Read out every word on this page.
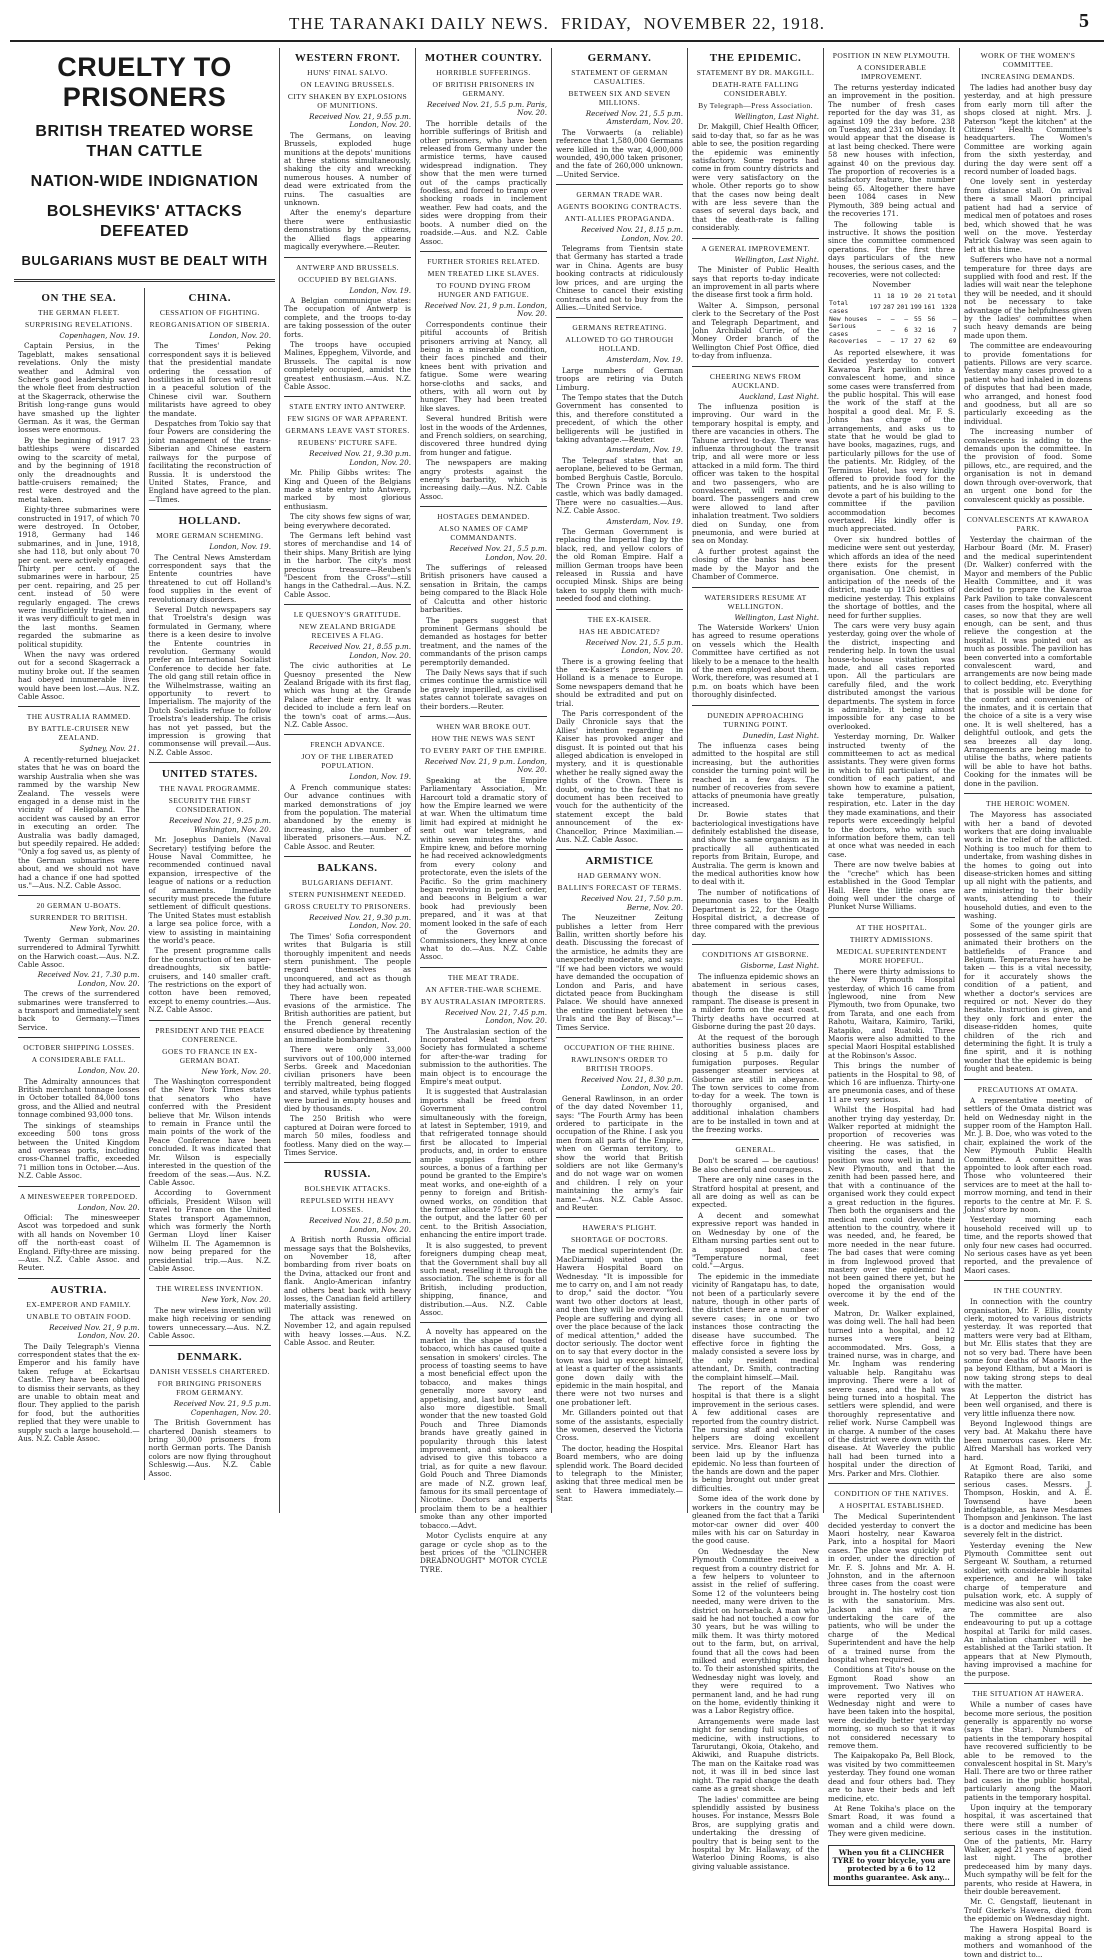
THE TARANAKI DAILY NEWS. FRIDAY, NOVEMBER 22, 1918.	5
CRUELTY TO PRISONERS
BRITISH TREATED WORSE THAN CATTLE
NATION-WIDE INDIGNATION
BOLSHEVIKS' ATTACKS DEFEATED
BULGARIANS MUST BE DEALT WITH
ON THE SEA.
THE GERMAN FLEET.
SURPRISING REVELATIONS.
Copenhagen, Nov. 19.

Captain Persius, in the Tageblatt, makes sensational revelations. Only the misty weather and Admiral von Scheer's good leadership saved the whole fleet from destruction at the Skagerrack, otherwise the British long-range guns would have smashed up the lighter German. As it was, the German losses were enormous.

By the beginning of 1917 23 battleships were discarded owing to the scarcity of metal, and by the beginning of 1918 only the dreadnoughts and battle-cruisers remained; the rest were destroyed and the metal taken.

Eighty-three submarines were constructed in 1917, of which 70 were destroyed. In October, 1918, Germany had 146 submarines, and in June, 1918, she had 118, but only about 70 per cent. were actively engaged. Thirty per cent. of the submarines were in harbour, 25 per cent. repairing, and 25 per cent. instead of 50 were regularly engaged. The crews were insufficiently trained, and it was very difficult to get men in the last months. Seamen regarded the submarine as political stupidity.

When the navy was ordered out for a second Skagerrack a mutiny broke out. If the seamen had obeyed innumerable lives would have been lost.—Aus. N.Z. Cable Assoc.

THE AUSTRALIA RAMMED.
BY BATTLE-CRUISER NEW ZEALAND.
Sydney, Nov. 21.

A recently-returned bluejacket states that he was on board the warship Australia when she was rammed by the warship New Zealand. The vessels were engaged in a dense mist in the vicinity of Heligoland. The accident was caused by an error in executing an order. The Australia was badly damaged, but speedily repaired. He added: "Only a fog saved us, as plenty of the German submarines were about, and we should not have had a chance if one had spotted us."—Aus. N.Z. Cable Assoc.

20 GERMAN U-BOATS.
SURRENDER TO BRITISH.
New York, Nov. 20.

Twenty German submarines surrendered to Admiral Tyrwhitt on the Harwich coast.—Aus. N.Z. Cable Assoc.

Received Nov. 21, 7.30 p.m. London, Nov. 20.

The crews of the surrendered submarines were transferred to a transport and immediately sent back to Germany.—Times Service.

OCTOBER SHIPPING LOSSES.
A CONSIDERABLE FALL.
London, Nov. 20.

The Admiralty announces that British merchant tonnage losses in October totalled 84,000 tons gross, and the Allied and neutral tonnage combined 93,000 tons.

The sinkings of steamships exceeding 500 tons gross between the United Kingdom and overseas ports, including cross-Channel traffic, exceeded 71 million tons in October.—Aus. N.Z. Cable Assoc.

A MINESWEEPER TORPEDOED.
London, Nov. 20.

Official: The minesweeper Ascot was torpedoed and sunk with all hands on November 10 off the north-east coast of England. Fifty-three are missing.—Aus. N.Z. Cable Assoc. and Reuter.

AUSTRIA.
EX-EMPEROR AND FAMILY.
UNABLE TO OBTAIN FOOD.
Received Nov. 21, 9 p.m. London, Nov. 20.

The Daily Telegraph's Vienna correspondent states that the ex-Emperor and his family have taken refuge at Eckartsau Castle. They have been obliged to dismiss their servants, as they are unable to obtain meat and flour. They applied to the parish for food, but the authorities replied that they were unable to supply such a large household.—Aus. N.Z. Cable Assoc.

CHINA.
CESSATION OF FIGHTING.
REORGANISATION OF SIBERIA.
London, Nov. 20.

The Times' Peking correspondent says it is believed that the presidential mandate ordering the cessation of hostilities in all forces will result in a peaceful solution of the Chinese civil war. Southern militarists have agreed to obey the mandate.

Despatches from Tokio say that four Powers are considering the joint management of the trans-Siberian and Chinese eastern railways for the purpose of facilitating the reconstruction of Russia. It is understood the United States, France, and England have agreed to the plan.—Times.

HOLLAND.
MORE GERMAN SCHEMING.
London, Nov. 19.

The Central News Amsterdam correspondent says that the Entente countries have threatened to cut off Holland's food supplies in the event of revolutionary disorders.

Several Dutch newspapers say that Troelstra's design was formulated in Germany, where there is a keen desire to involve the Entente countries in revolution. Germany would prefer an International Socialist Conference to decide her fate. The old gang still retain office in the Wilhelmstrasse, waiting an opportunity to revert to Imperialism. The majority of the Dutch Socialists refuse to follow Troelstra's leadership. The crisis has not yet passed, but the impression is growing that commonsense will prevail.—Aus. N.Z. Cable Assoc.

UNITED STATES.
THE NAVAL PROGRAMME.
SECURITY THE FIRST CONSIDERATION.
Received Nov. 21, 9.25 p.m. Washington, Nov. 20.

Mr. Josephus Daniels (Naval Secretary) testifying before the House Naval Committee, he recommended continued naval expansion, irrespective of the league of nations or a reduction of armaments. Immediate security must precede the future settlement of difficult questions. The United States must establish a large sea police force, with a view to assisting in maintaining the world's peace.

The present programme calls for the construction of ten super-dreadnoughts, six battle-cruisers, and 140 smaller craft. The restrictions on the export of cotton have been removed, except to enemy countries.—Aus. N.Z. Cable Assoc.

PRESIDENT AND THE PEACE CONFERENCE.
GOES TO FRANCE IN EX-GERMAN BOAT.
New York, Nov. 20.

The Washington correspondent of the New York Times states that senators who have conferred with the President believe that Mr. Wilson intends to remain in France until the main points of the work of the Peace Conference have been concluded. It was indicated that Mr. Wilson is especially interested in the question of the freedom of the seas.—Aus. N.Z. Cable Assoc.

According to Government officials, President Wilson will travel to France on the United States transport Agamemnon, which was formerly the North German Lloyd liner Kaiser Wilhelm II. The Agamemnon is now being prepared for the presidential trip.—Aus. N.Z. Cable Assoc.

THE WIRELESS INVENTION.
New York, Nov. 20.

The new wireless invention will make high receiving or sending towers unnecessary.—Aus. N.Z. Cable Assoc.

DENMARK.
DANISH VESSELS CHARTERED.
FOR BRINGING PRISONERS FROM GERMANY.
Received Nov. 21, 9.5 p.m. Copenhagen, Nov. 20.

The British Government has chartered Danish steamers to bring 30,000 prisoners from north German ports. The Danish colors are now flying throughout Schleswig.—Aus. N.Z. Cable Assoc.

WESTERN FRONT.
HUNS' FINAL SALVO.
ON LEAVING BRUSSELS.
CITY SHAKEN BY EXPLOSIONS OF MUNITIONS.
Received Nov. 21, 9.55 p.m. London, Nov. 20.

The Germans, on leaving Brussels, exploded huge munitions at the depots' munitions at three stations simultaneously, shaking the city and wrecking numerous houses. A number of dead were extricated from the ruins. The casualties are unknown.

After the enemy's departure there were enthusiastic demonstrations by the citizens, the Allied flags appearing magically everywhere.—Reuter.

ANTWERP AND BRUSSELS.
OCCUPIED BY BELGIANS.
London, Nov. 19.

A Belgian communique states: The occupation of Antwerp is complete, and the troops to-day are taking possession of the outer forts.

The troops have occupied Malines, Eppeghem, Vilvorde, and Brussels. The capital is now completely occupied, amidst the greatest enthusiasm.—Aus. N.Z. Cable Assoc.

STATE ENTRY INTO ANTWERP.
FEW SIGNS OF WAR APPARENT.
GERMANS LEAVE VAST STORES.
REUBENS' PICTURE SAFE.
Received Nov. 21, 9.30 p.m. London, Nov. 20.

Mr. Philip Gibbs writes: The King and Queen of the Belgians made a state entry into Antwerp, marked by most glorious enthusiasm.

The city shows few signs of war, being everywhere decorated.

The Germans left behind vast stores of merchandise and 14 of their ships. Many British are lying in the harbor. The city's most precious treasure—Reuben's "Descent from the Cross"—still hangs in the Cathedral.—Aus. N.Z. Cable Assoc.

LE QUESNOY'S GRATITUDE.
NEW ZEALAND BRIGADE RECEIVES A FLAG.
Received Nov. 21, 8.55 p.m. London, Nov. 20.

The civic authorities at Le Quesnoy presented the New Zealand Brigade with its first flag, which was hung at the Grande Palace after their entry. It was decided to include a fern leaf on the town's coat of arms.—Aus. N.Z. Cable Assoc.

FRENCH ADVANCE.
JOY OF THE LIBERATED POPULATION.
London, Nov. 19.

A French communique states: Our advance continues with marked demonstrations of joy from the population. The material abandoned by the enemy is increasing, also the number of liberated prisoners.—Aus. N.Z. Cable Assoc. and Reuter.

BALKANS.
BULGARIANS DEFIANT.
STERN PUNISHMENT NEEDED.
GROSS CRUELTY TO PRISONERS.
Received Nov. 21, 9.30 p.m. London, Nov. 20.

The Times' Sofia correspondent writes that Bulgaria is still thoroughly impenitent and needs stern punishment. The people regard themselves as unconquered, and act as though they had actually won.

There have been repeated evasions of the armistice. The British authorities are patient, but the French general recently ensured obedience by threatening an immediate bombardment.

There were only 33,000 survivors out of 100,000 interned Serbs. Greek and Macedonian civilian prisoners have been terribly maltreated, being flogged and starved, while typhus patients were buried in empty houses and died by thousands.

The 250 British who were captured at Doiran were forced to march 50 miles, foodless and footless. Many died on the way.—Times Service.

RUSSIA.
BOLSHEVIK ATTACKS.
REPULSED WITH HEAVY LOSSES.
Received Nov. 21, 8.50 p.m. London, Nov. 20.

A British north Russia official message says that the Bolsheviks, on November 18, after bombarding from river boats on the Dvina, attacked our front and flank. Anglo-American infantry and others beat back with heavy losses, the Canadian field artillery materially assisting.

The attack was renewed on November 12, and again repulsed with heavy losses.—Aus. N.Z. Cable Assoc. and Reuter.

MOTHER COUNTRY.
HORRIBLE SUFFERINGS.
OF BRITISH PRISONERS IN GERMANY.
Received Nov. 21, 5.5 p.m. Paris, Nov. 20.

The horrible details of the horrible sufferings of British and other prisoners, who have been released from Germany under the armistice terms, have caused widespread indignation. They show that the men were turned out of the camps practically foodless, and forced to tramp over shocking roads in inclement weather. Few had coats, and the sides were dropping from their boots. A number died on the roadside.—Aus. and N.Z. Cable Assoc.

FURTHER STORIES RELATED.
MEN TREATED LIKE SLAVES.
TO FOUND DYING FROM HUNGER AND FATIGUE.
Received Nov. 21, 9 p.m. London, Nov. 20.

Correspondents continue their pitiful accounts of British prisoners arriving at Nancy, all being in a miserable condition, their faces pinched and their knees bent with privation and fatigue. Some were wearing horse-cloths and sacks, and others, with all worn out by hunger. They had been treated like slaves.

Several hundred British were lost in the woods of the Ardennes, and French soldiers, on searching, discovered three hundred dying from hunger and fatigue.

The newspapers are making angry protests against the enemy's barbarity, which is increasing daily.—Aus. N.Z. Cable Assoc.

HOSTAGES DEMANDED.
ALSO NAMES OF CAMP COMMANDANTS.
Received Nov. 21, 5.5 p.m. London, Nov. 20.

The sufferings of released British prisoners have caused a sensation in Britain, the camps being compared to the Black Hole of Calcutta and other historic barbarities.

The papers suggest that prominent Germans should be demanded as hostages for better treatment, and the names of the commandants of the prison camps peremptorily demanded.

The Daily News says that if such crimes continue the armistice will be gravely imperilled, as civilised states cannot tolerate savages on their borders.—Reuter.

WHEN WAR BROKE OUT.
HOW THE NEWS WAS SENT
TO EVERY PART OF THE EMPIRE.
Received Nov. 21, 9 p.m. London, Nov. 20.

Speaking at the Empire Parliamentary Association, Mr. Harcourt told a dramatic story of how the Empire learned we were at war. When the ultimatum time limit had expired at midnight he sent out war telegrams, and within seven minutes the whole Empire knew, and before morning he had received acknowledgments from every colony and protectorate, even the islets of the Pacific. So the grim machinery began revolving in perfect order, and beacons in Belgium a war book had previously been prepared, and it was at that moment looked in the safe of each of the Governors and Commissioners, they knew at once what to do.—Aus. N.Z. Cable Assoc.

THE MEAT TRADE.
AN AFTER-THE-WAR SCHEME.
BY AUSTRALASIAN IMPORTERS.
Received Nov. 21, 7.45 p.m. London, Nov. 20.

The Australasian section of the Incorporated Meat Importers' Society has formulated a scheme for after-the-war trading for submission to the authorities. The main object is to encourage the Empire's meat output.

It is suggested that Australasian imports shall be freed from Government control simultaneously with the foreign, at latest in September, 1919, and that refrigerated tonnage should first be allocated to Imperial products, and, in order to ensure ample supplies from other sources, a bonus of a farthing per pound be granted to the Empire's meat works, and one-eighth of a penny to foreign and British-owned works, on condition that the former allocate 75 per cent. of the output, and the latter 60 per cent. to the British Association, enhancing the entire import trade.

It is also suggested, to prevent foreigners dumping cheap meat, that the Government shall buy all such meat, reselling it through the association. The scheme is for all British, including production, shipping, finance, and distribution.—Aus. N.Z. Cable Assoc.

A novelty has appeared on the market in the shape of toasted tobacco, which has caused quite a sensation in smokers' circles. The process of toasting seems to have a most beneficial effect upon the tobacco, and makes things generally more savory and appetising, and, last but not least, also more digestible. Small wonder that the new toasted Gold Pouch and Three Diamonds brands have greatly gained in popularity through this latest improvement, and smokers are advised to give this tobacco a trial, as for quite a new flavour. Gold Pouch and Three Diamonds are made of N.Z. grown leaf, famous for its small percentage of Nicotine. Doctors and experts proclaim them to be a healthier smoke than any other imported tobacco.—Advt.

Motor Cyclists enquire at any garage or cycle shop as to the best prices of the "CLINCHER DREADNOUGHT" MOTOR CYCLE TYRE.

GERMANY.
STATEMENT OF GERMAN CASUALTIES.
BETWEEN SIX AND SEVEN MILLIONS.
Received Nov. 21, 5.5 p.m. Amsterdam, Nov. 20.

The Vorwaerts (a reliable) reference that 1,580,000 Germans were killed in the war, 4,000,000 wounded, 490,000 taken prisoner, and the fate of 260,000 unknown.—United Service.

GERMAN TRADE WAR.
AGENTS BOOKING CONTRACTS.
ANTI-ALLIES PROPAGANDA.
Received Nov. 21, 8.15 p.m. London, Nov. 20.

Telegrams from Tientsin state that Germany has started a trade war in China. Agents are busy booking contracts at ridiculously low prices, and are urging the Chinese to cancel their existing contracts and not to buy from the Allies.—United Service.

GERMANS RETREATING.
ALLOWED TO GO THROUGH HOLLAND.
Amsterdam, Nov. 19.

Large numbers of German troops are retiring via Dutch Limburg.

The Tempo states that the Dutch Government has consented to this, and therefore constituted a precedent, of which the other belligerents will be justified in taking advantage.—Reuter.

Amsterdam, Nov. 19.

The Telegraaf states that an aeroplane, believed to be German, bombed Berghuis Castle, Borculo. The Crown Prince was in the castle, which was badly damaged. There were no casualties.—Aus. N.Z. Cable Assoc.

Amsterdam, Nov. 19.

The German Government is replacing the Imperial flag by the black, red, and yellow colors of the old Roman Empire. Half a million German troops have been released in Russia and have occupied Minsk. Ships are being taken to supply them with much-needed food and clothing.

THE EX-KAISER.
HAS HE ABDICATED?
Received Nov. 21, 5.5 p.m. London, Nov. 20.

There is a growing feeling that the ex-Kaiser's presence in Holland is a menace to Europe. Some newspapers demand that he should be extradited and put on trial.

The Paris correspondent of the Daily Chronicle says that the Allies' intention regarding the Kaiser has provoked anger and disgust. It is pointed out that his alleged abdication is enveloped in mystery, and it is questionable whether he really signed away the rights of the Crown. There is doubt, owing to the fact that no document has been received to vouch for the authenticity of the statement except the bald announcement of the ex-Chancellor, Prince Maximilian.—Aus. N.Z. Cable Assoc.

ARMISTICE
HAD GERMANY WON.
BALLIN'S FORECAST OF TERMS.
Received Nov. 21, 7.50 p.m. Berne, Nov. 20.

The Neuzeitner Zeitung publishes a letter from Herr Ballin, written shortly before his death. Discussing the forecast of the armistice, he admits they are unexpectedly moderate, and says: "If we had been victors we would have demanded the occupation of London and Paris, and have dictated peace from Buckingham Palace. We should have annexed the entire continent between the Urals and the Bay of Biscay."—Times Service.

OCCUPATION OF THE RHINE.
RAWLINSON'S ORDER TO BRITISH TROOPS.
Received Nov. 21, 8.30 p.m. London, Nov. 20.

General Rawlinson, in an order of the day dated November 11, says: "The Fourth Army has been ordered to participate in the occupation of the Rhine. I ask you men from all parts of the Empire, when on German territory, to show the world that British soldiers are not like Germany's and do not wage war on women and children. I rely on your maintaining the army's fair name."—Aus. N.Z. Cable Assoc. and Reuter.

HAWERA'S PLIGHT.
SHORTAGE OF DOCTORS.

The medical superintendent (Dr. MacDiarmid) waited upon the Hawera Hospital Board on Wednesday. "It is impossible for me to carry on, and I am not ready to drop," said the doctor. "You want two other doctors at least, and then they will be overworked. People are suffering and dying all over the place because of the lack of medical attention," added the doctor seriously. The doctor went on to say that every doctor in the town was laid up except himself, at least a quarter of the assistants gone down daily with the epidemic in the main hospital, and there were not two nurses and one probationer left.

Mr. Gillanders pointed out that some of the assistants, especially the women, deserved the Victoria Cross.

The doctor, heading the Hospital Board members, who are doing splendid work. The Board decided to telegraph to the Minister, asking that three medical men be sent to Hawera immediately.—Star.

THE EPIDEMIC.
STATEMENT BY DR. MAKGILL.
DEATH-RATE FALLING CONSIDERABLY.
By Telegraph—Press Association.
Wellington, Last Night.

Dr. Makgill, Chief Health Officer, said to-day that, so far as he was able to see, the position regarding the epidemic was eminently satisfactory. Some reports had come in from country districts and were very satisfactory on the whole. Other reports go to show that the cases now being dealt with are less severe than the cases of several days back, and that the death-rate is falling considerably.

A GENERAL IMPROVEMENT.
Wellington, Last Night.

The Minister of Public Health says that reports to-day indicate an improvement in all parts where the disease first took a firm hold.

Walter A. Simpson, personal clerk to the Secretary of the Post and Telegraph Department, and John Archibald Currie, of the Money Order branch of the Wellington Chief Post Office, died to-day from influenza.

CHEERING NEWS FROM AUCKLAND.
Auckland, Last Night.

The influenza position is improving. Our ward in the temporary hospital is empty, and there are vacancies in others. The Tahune arrived to-day. There was influenza throughout the transit trip, and all were more or less attacked in a mild form. The third officer was taken to the hospital and two passengers, who are convalescent, will remain on board. The passengers and crew were allowed to land after inhalation treatment. Two soldiers died on Sunday, one from pneumonia, and were buried at sea on Monday.

A further protest against the closing of the banks has been made by the Mayor and the Chamber of Commerce.

WATERSIDERS RESUME AT WELLINGTON.
Wellington, Last Night.

The Waterside Workers' Union has agreed to resume operations on vessels which the Health Committee have certified as not likely to be a menace to the health of the men employed about them. Work, therefore, was resumed at 1 p.m. on boats which have been thoroughly disinfected.

DUNEDIN APPROACHING TURNING POINT.
Dunedin, Last Night.

The influenza cases being admitted to the hospital are still increasing, but the authorities consider the turning point will be reached in a few days. The number of recoveries from severe attacks of pneumonia have greatly increased.

Dr. Bowie states that bacteriological investigations have definitely established the disease, and show the same organism as in practically all authenticated reports from Britain, Europe, and Australia. The germ is known and the medical authorities know how to deal with it.

The number of notifications of pneumonia cases to the Health Department is 22, for the Otago Hospital district, a decrease of three compared with the previous day.

CONDITIONS AT GISBORNE.
Gisborne, Last Night.

The influenza epidemic shows an abatement in serious cases, though the disease is still rampant. The disease is present in a milder form on the east coast. Thirty deaths have occurred at Gisborne during the past 20 days.

At the request of the borough authorities business places are closing at 5 p.m. daily for fumigation purposes. Regular passenger steamer services at Gisborne are still in abeyance. The town services to come from to-day for a week. The town is thoroughly organised, and additional inhalation chambers are to be installed in town and at the freezing works.

GENERAL.

Don't be scared — be cautious! Be also cheerful and courageous.

There are only nine cases in the Stratford hospital at present, and all are doing as well as can be expected.

A decent and somewhat expressive report was handed in on Wednesday by one of the Eltham nursing parties sent out to a supposed bad case: "Temperature normal, feet cold."—Argus.

The epidemic in the immediate vicinity of Rangatapu has, to date, not been of a particularly severe nature, though in other parts of the district there are a number of severe cases; in one or two instances those contracting the disease have succumbed. The effective force in fighting the malady consisted a severe loss by the only resident medical attendant, Dr. Smith, contracting the complaint himself.—Mail.

The report of the Manaia hospital is that there is a slight improvement in the serious cases. A few additional cases are reported from the country district. The nursing staff and voluntary helpers are doing excellent service. Mrs. Eleanor Hart has been laid up by the influenza epidemic. No less than fourteen of the hands are down and the paper is being brought out under great difficulties.

Some idea of the work done by workers in the country may be gleaned from the fact that a Tariki motor-car owner did over 400 miles with his car on Saturday in the good cause.

On Wednesday the New Plymouth Committee received a request from a country district for a few helpers to volunteer to assist in the relief of suffering. Some 12 of the volunteers being needed, many were driven to the district on horseback. A man who said he had not touched a cow for 30 years, but he was willing to milk them. It was thirty motored out to the farm, but, on arrival, found that all the cows had been milked and everything attended to. To their astonished spirits, the Wednesday night was lovely, and they were required to a permanent land, and he had rung on the home, evidently thinking it was a Labor Registry office.

Arrangements were made last night for sending full supplies of medicine, with instructions, to Tarurutangi, Okoia, Otakeho, and Akiwiki, and Ruapuhe districts. The man on the Kaitake road was not, it was ill in bed since last night. The rapid change the death came as a great shock.

The ladies' committee are being splendidly assisted by business houses. For instance, Messrs Bole Bros, are supplying gratis and undertaking the dressing of poultry that is being sent to the hospital by Mr. Hallaway, of the Waterloo Dining Rooms, is also giving valuable assistance.

POSITION IN NEW PLYMOUTH.
A CONSIDERABLE IMPROVEMENT.

The returns yesterday indicated an improvement in the position. The number of fresh cases reported for the day was 31, as against 109 the day before. 238 on Tuesday, and 231 on Monday. It would appear that the disease is at last being checked. There were 58 new houses with infection, against 40 on the previous day. The proportion of recoveries is a satisfactory feature, the number being 65. Altogether there have been 1084 cases in New Plymouth, 389 being actual and the recoveries 171.

The following table is instructive. It shows the position since the committee commenced operations. For the first three days particulars of the new houses, the serious cases, and the recoveries, were not collected:

November
	11	18	19	20	21	total
Total cases	197	287	201	199	161	1328
New houses	—	—	—	55	56	—
Serious cases	—	—	6	32	16	7
Recoveries	—	—	17	27	62	69

As reported elsewhere, it was decided yesterday to convert Kawaroa Park pavilion into a convalescent home, and since some cases were transferred from the public hospital. This will ease the work of the staff at the hospital a good deal. Mr. F. S. Johns has charge of the arrangements, and asks us to state that he would be glad to have books, magazines, rugs, and particularly pillows for the use of the patients. Mr. Ridgley, of the Terminus Hotel, has very kindly offered to provide food for the patients, and he is also willing to devote a part of his building to the committee if the pavilion accommodation becomes overtaxed. His kindly offer is much appreciated.

Over six hundred bottles of medicine were sent out yesterday, which affords an idea of the need there exists for the present organisation. One chemist, in anticipation of the needs of the district, made up 1126 bottles of medicine yesterday. This explains the shortage of bottles, and the need for further supplies.

The cars were very busy again yesterday, going over the whole of the district, inspecting and rendering help. In town the usual house-to-house visitation was made, and all cases reported upon. All the particulars are carefully filed, and the work distributed amongst the various departments. The system in force is admirable, it being almost impossible for any case to be overlooked.

Yesterday morning, Dr. Walker instructed twenty of the committeemen to act as medical assistants. They were given forms in which to fill particulars of the condition of each patient, and shown how to examine a patient, take temperature, pulsation, respiration, etc. Later in the day they made examinations, and their reports were exceedingly helpful to the doctors, who with such information before them, can tell at once what was needed in each case.

There are now twelve babies at the "creche" which has been established in the Good Templar Hall. Here the little ones are doing well under the charge of Plunket Nurse Williams.

AT THE HOSPITAL.
THIRTY ADMISSIONS.
MEDICAL SUPERINTENDENT MORE HOPEFUL.

There were thirty admissions to the New Plymouth Hospital yesterday, of which 16 came from Inglewood, nine from New Plymouth, two from Opunake, two from Tarata, and one each from Rahotu, Waitara, Kaimiro, Tariki, Ratapiko, and Ruatoki. Three Maoris were also admitted to the special Maori Hospital established at the Robinson's Assoc.

This brings the number of patients in the Hospital to 98, of which 16 are influenza. Thirty-one are pneumonia cases, and of these 11 are very serious.

Whilst the Hospital had had another trying day yesterday, Dr. Walker reported at midnight the proportion of recoveries was cheering. He was satisfied, in visiting the cases, that the position was now well in hand in New Plymouth, and that the zenith had been passed here, and that with a continuance of the organised work they could expect a great reduction in the figures. Then both the organisers and the medical men could devote their attention to the country, where it was needed, and, he feared, be more needed in the near future. The bad cases that were coming in from Inglewood proved that mastery over the epidemic had not been gained there yet, but he hoped the organisation would overcome it by the end of the week.

Matron, Dr. Walker explained, was doing well. The hall had been turned into a hospital, and 12 nurses were being accommodated. Mrs. Goss, a trained nurse, was in charge, and Mr. Ingham was rendering valuable help. Rangitahu was improving. There were a lot of severe cases, and the hall was being turned into a hospital. The settlers were splendid, and were thoroughly representative and relief work. Nurse Campbell was in charge. A number of the cases of the district were down with the disease. At Waverley the public hall had been turned into a hospital under the direction of Mrs. Parker and Mrs. Clothier.

CONDITION OF THE NATIVES.
A HOSPITAL ESTABLISHED.

The Medical Superintendent decided yesterday to convert the Maori hostelry, near Kawaroa Park, into a hospital for Maori cases. The place was quickly put in order, under the direction of Mr. F. S. Johns and Mr. A. H. Johnston, and in the afternoon three cases from the coast were brought in. The hostelry cost tion is with the sanatorium. Mrs. Jackson and his wife, are undertaking the care of the patients, who will be under the charge of the Medical Superintendent and have the help of a trained nurse from the hospital when required.

Conditions at Tito's house on the Egmont Road show an improvement. Two Natives who were reported very ill on Wednesday night and were to have been taken into the hospital, were decidedly better yesterday morning, so much so that it was not considered necessary to remove them.

The Kaipakopako Pa, Bell Block, was visited by two committeemen yesterday. They found one woman dead and four others bad. They are to have their beds and left medicine, etc.

At Rene Tokiha's place on the Smart Road, it was found a woman and a child were down. They were given medicine.

When you fit a CLINCHER TYRE to your bicycle, you are protected by a 6 to 12 months guarantee. Ask any...
WORK OF THE WOMEN'S COMMITTEE.
INCREASING DEMANDS.

The ladies had another busy day yesterday, and at high pressure from early morn till after the shops closed at night. Mrs. J. Paterson "kept the kitchen" at the Citizens' Health Committee's headquarters. The Women's Committee are working again from the sixth yesterday, and during the day were sent off a record number of loaded bags.

One lovely sent in yesterday from distance stall. On arrival there a small Maori principal patient had had a service of medical men of potatoes and roses bed, which showed that he was well on the move. Yesterday Patrick Galway was seen again to left at this time.

Sufferers who have not a normal temperature for three days are supplied with food and rest. If the ladies will wait near the telephone they will be needed, and it should not be necessary to take advantage of the helpfulness given by the ladies' committee when such heavy demands are being made upon them.

The committee are endeavouring to provide fomentations for patients. Pillows are very scarce. Yesterday many cases proved to a patient who had inhaled in dozens of disputes that had been made, who arranged, and honest food and goodness, but all are so particularly exceeding as the individual.

The increasing number of convalescents is adding to the demands upon the committee. In the provision of food. Some pillows, etc., are required, and the organisation is not in demand down through over-overwork, that an urgent one bond for the convalescent quickly as possible.

CONVALESCENTS AT KAWAROA PARK.

Yesterday the chairman of the Harbour Board (Mr. M. Fraser) and the medical superintendent (Dr. Walker) conferred with the Mayor and members of the Public Health Committee, and it was decided to prepare the Kawaroa Park Pavilion to take convalescent cases from the hospital, where all cases, so now that they are well enough, can be sent, and thus relieve the congestion at the hospital. It was pointed out as much as possible. The pavilion has been converted into a comfortable convalescent ward, and arrangements are now being made to collect bedding, etc. Everything that is possible will be done for the comfort and convenience of the inmates, and it is certain that the choice of a site is a very wise one. It is well sheltered, has a delightful outlook, and gets the sea breezes all day long. Arrangements are being made to utilise the baths, where patients will be able to have hot baths. Cooking for the inmates will be done in the pavilion.

THE HEROIC WOMEN.

The Mayoress has associated with her a band of devoted workers that are doing invaluable work in the relief of the afflicted. Nothing is too much for them to undertake, from washing dishes in the homes to going out into disease-stricken homes and sitting up all night with the patients, and are ministering to their bodily wants, attending to their household duties, and even to the washing.

Some of the younger girls are possessed of the same spirit that animated their brothers on the battlefields of France and Belgium. Temperatures have to be taken — this is a vital necessity, for it accurately shows the condition of a patient, and whether a doctor's services are required or not. Never do they hesitate. Instruction is given, and they only fork and enter the disease-ridden homes, quite children of the rich and determining the fight. It is truly a fine spirit, and it is nothing wonder that the epidemic is being fought and beaten.

PRECAUTIONS AT OMATA.

A representative meeting of settlers of the Omata district was held on Wednesday night in the supper room of the Hampton Hall. Mr. J. B. Doe, who was voted to the chair, explained the work of the New Plymouth Public Health Committee. A committee was appointed to look after each road. Those who volunteered their services are to meet at the hall to-morrow morning, and tend in their reports to the centre at Mr. F. S. Johns' store by noon.

Yesterday morning each household received will up to time, and the reports showed that only four new cases had occurred. No serious cases have as yet been reported, and the prevalence of Maori cases.

IN THE COUNTRY.

In connection with the country organisation, Mr. F. Ellis, county clerk, motored to various districts yesterday. It was reported that matters were very bad at Eltham, but Mr. Ellis states that they are not so very bad. There have been some four deaths of Maoris in the pa beyond Eltham, but a Maori is now taking strong steps to deal with the matter.

At Lepperton the district has been well organised, and there is very little influenza there now.

Beyond Inglewood things are very bad. At Makahu there have been numerous cases. Here Mr. Alfred Marshall has worked very hard.

At Egmont Road, Tariki, and Ratapiko there are also some serious cases. Messrs. J. Thompson, Hoskin, and A. E. Townsend have been indefatigable, as have Mesdames Thompson and Jenkinson. The last is a doctor and medicine has been severely felt in the district.

Yesterday evening the New Plymouth Committee sent out Sergeant W. Southam, a returned soldier, with considerable hospital experience, and he will take charge of temperature and pulsation work, etc. A supply of medicine was also sent out.

The committee are also endeavouring to put up a cottage hospital at Tariki for mild cases. An inhalation chamber will be established at the Tariki station. It appears that at New Plymouth, having improvised a machine for the purpose.

THE SITUATION AT HAWERA.

While a number of cases have become more serious, the position generally is apparently no worse (says the Star). Numbers of patients in the temporary hospital have recovered sufficiently to be able to be removed to the convalescent hospital in St. Mary's Hall. There are two or three rather bad cases in the public hospital, particularly among the Maori patients in the temporary hospital.

Upon inquiry at the temporary hospital, it was ascertained that there were still a number of serious cases in the institution. One of the patients, Mr. Harry Walker, aged 21 years of age, died last night. The brother predeceased him by many days. Much sympathy will be felt for the parents, who reside at Hawera, in their double bereavement.

Mr. C. Gengstaff, lieutenant in Trolf Gierke's Hawera, died from the epidemic on Wednesday night.

The Hawera Hospital Board is making a strong appeal to the mothers and womanhood of the town and district to...
